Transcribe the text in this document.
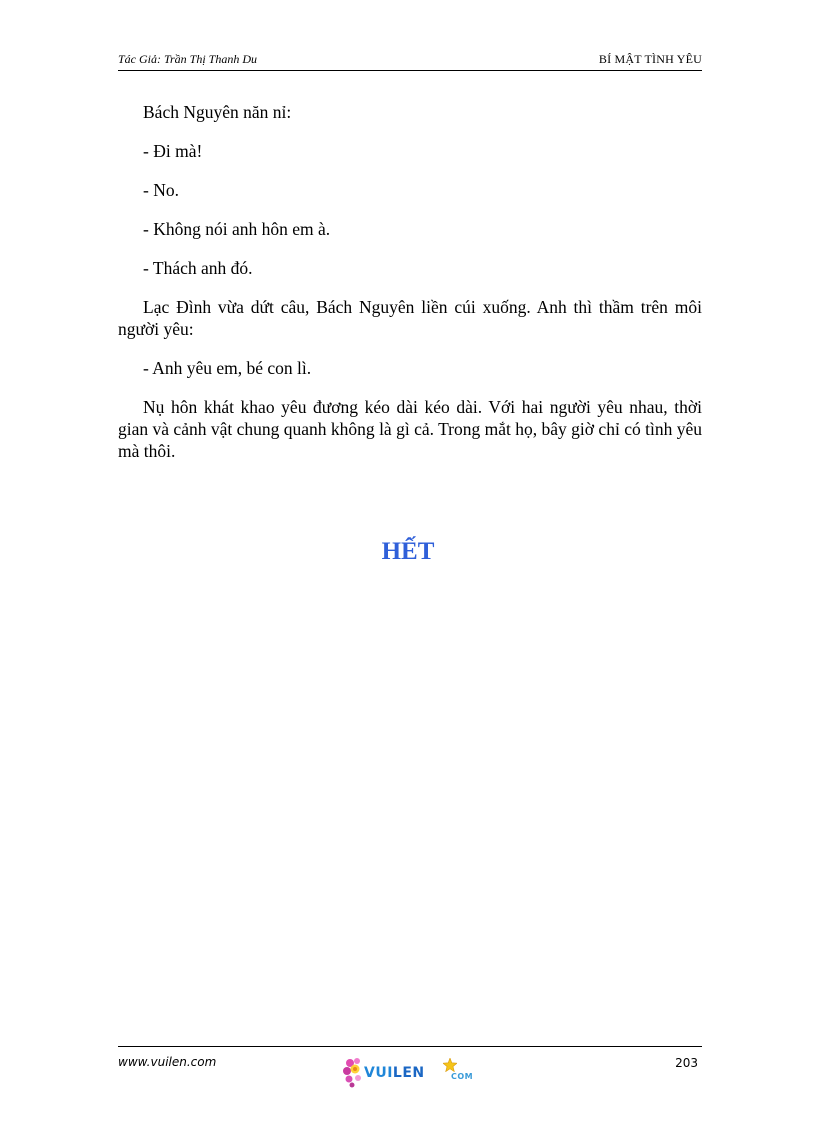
Tác Giả: Trần Thị Thanh Du	BÍ MẬT TÌNH YÊU

Bách Nguyên năn nỉ:

- Đi mà!

- No.

- Không nói anh hôn em à.

- Thách anh đó.

Lạc Đình vừa dứt câu, Bách Nguyên liền cúi xuống. Anh thì thầm trên môi người yêu:

- Anh yêu em, bé con lì.

Nụ hôn khát khao yêu đương kéo dài kéo dài. Với hai người yêu nhau, thời gian và cảnh vật chung quanh không là gì cả. Trong mắt họ, bây giờ chỉ có tình yêu mà thôi.

HẾT
www.vuilen.com
VUILEN	COM
203
